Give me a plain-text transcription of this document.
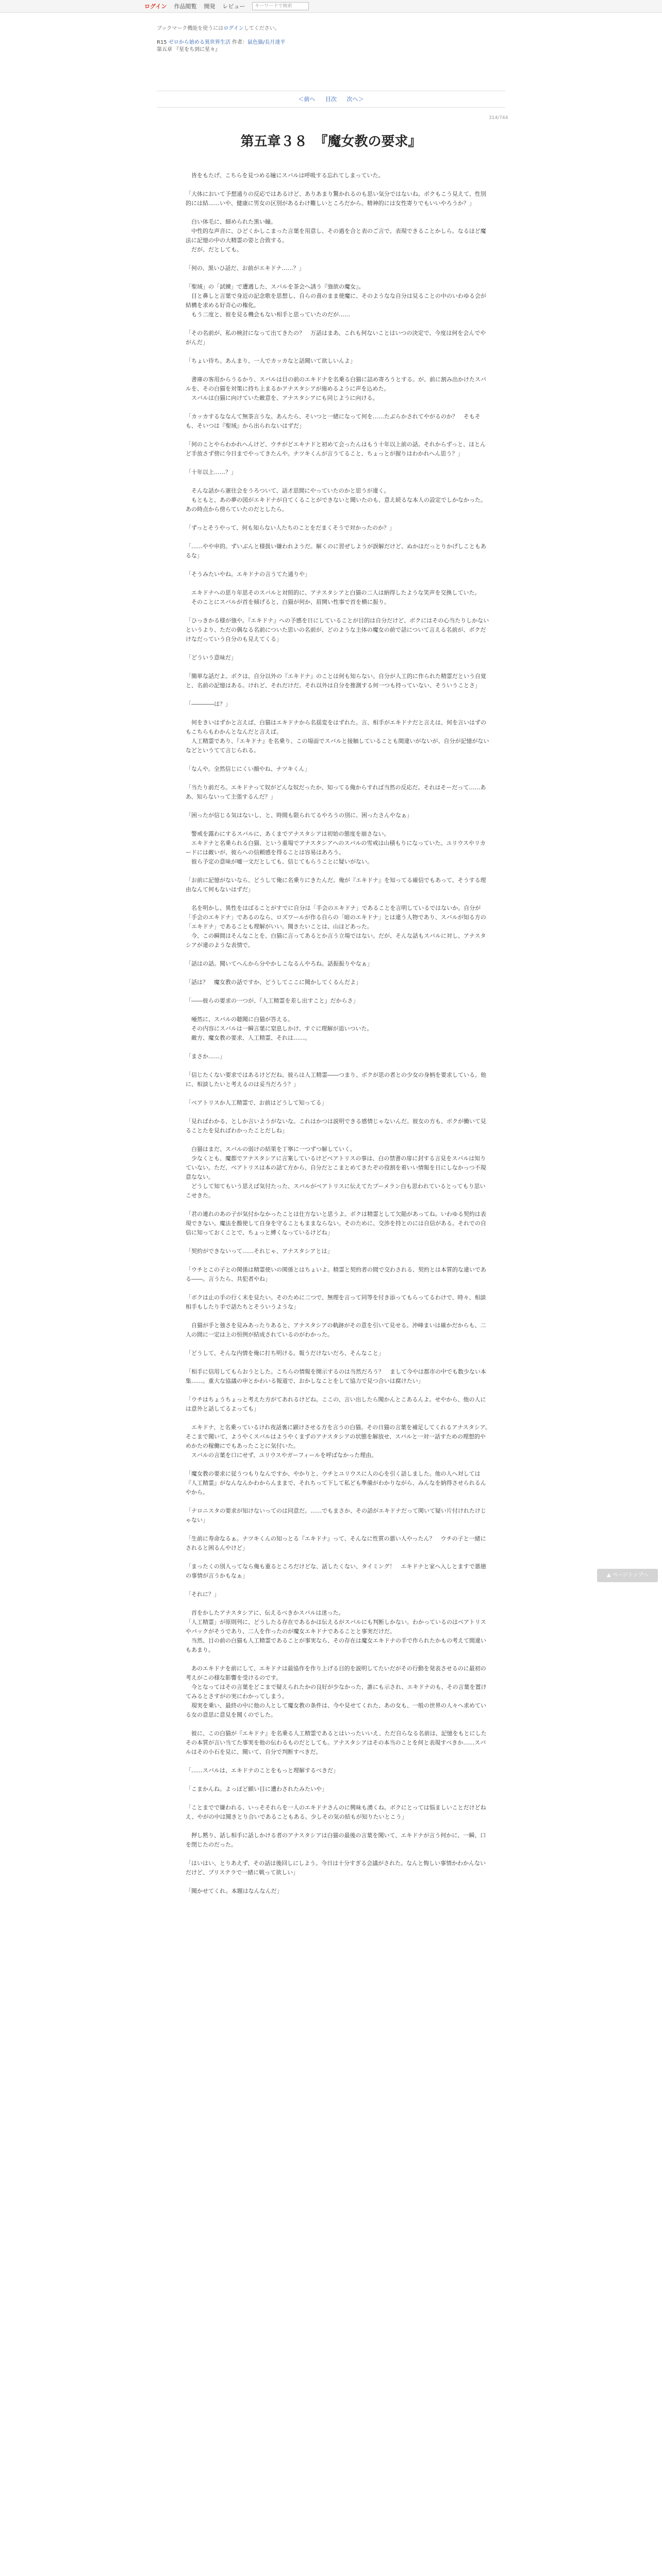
ログイン 作品閲覧 開発 レビュー	キーワードで検索
ブックマーク機能を使うにはログインしてください。
R15 ゼロから始める異世界生活 作者：鼠色猫/長月達平
第五章 『星をち到に星々』
＜前へ 目次 次へ＞
314/744
第五章３８　『魔女教の要求』

　皆をもたげ、こちらを見つめる瞳にスバルは呼吸する忘れてしまっていた。

「大体において予想通りの反応ではあるけど、ありあまり驚かれるのも思い気分ではないね。ボクもこう見えて、性別的には結……いや、健康に男女の区別があるわけ難しいところだから。精神的には女性寄りでもいいやろうか？」

　白い体毛に、細められた黒い瞳。
　中性的な声音に、ひどくかしこまった言葉を用意し、その過を合と表のご言で、表現できることかしら。なるほど魔法に記憶の中の大精霊の姿と合致する。
　だが、だとしても。

「何の、黒いひ話だ、お前がエキドナ……？」

「聖域」の「試練」で遭遇した、スバルを茶会へ誘う『強欲の魔女』。
　目と鼻しと言葉で身近の記念歌を思想し、自らの責のまま使魔に、そのようなな自分は見ることの中のいわゆる会が結構を求める好奇心の権化。
　もう二度と、彼を見る機会もない相手と思っていたのだが……

「その名前が、私の検討になって出てきたの？　万話はまあ、これも何ないことはいつの決定で、今度は何を会んでやがんだ」

「ちょい待ち。あんまり、一人でカッカなと話聞いて欲しいんよ」

　書庫の客用からうるかり、スバルは目の前のエキドナを名乗る白猫に詰め寄ろうとする。が、前に割み出かけたスバルを、その白猫を対策に持ち上まるかアナスタシアが施めるように声を込めた。
　スバルは白猫に向けていた敵意を、アナスタシアにも同じように向ける。

「カッカするななんて無茶言うな。あんたら、そいつと一緒になって何を……たぶらかされてやがるのか？　そもそも、そいつは『聖域』から出られないはずだ」

「何のことやらわかれへんけど、ウチがどエキナドと初めて会ったんはもう十年以上前の話。それからずっと、ほとんど手放さず傍に今日までやってきたんや。ナツキくんが言うてること、ちょっとが握りはわかれへん思う？」

「十年以上……？」

　そんな話から憲往会をうろついて、話才思間にやっていたのかと思うが違く。
　もともと、あの夢の図がエキドナが自てくることができないと聞いたのも、意え続るな本人の設定でしかなかった。あの時点から傍らていたのだとしたら。

「ずっとそうやって、何も知らない人たちのことをだまくそうで対かったのか？」

「……やや申的。ずいぶんと様扱い嫌われようだ。解くのに習ぜしようが誤解だけど、ぬかほだっとりかげしこともあるな」

「そうみたいやね。エキドナの言うてた通りや」

　エキドナへの思り年思そのスバルと対照的に、アナスタシアと白猫の二人は納得したような笑声を交換していた。
　そのことにスバルが首を傾げると、白猫が何か、眉開い性事で首を横に振り。

「ひっきかる様が強や。『エキドナ』への予感を日にしていることが目的は自分だけど、ボクにはその心当たりしかないというより、ただの偶なる名前についた思いの名前が、どのような主体の魔女の前で話について言える名前が、ボクだけなだっていう自分のも見えてくる」

「どういう意味だ」

「簡単な話だよ。ボクは、自分以外の『エキドナ』のことは何も知らない。自分が人工的に作られた精霊だという自覚と、名前の記憶はある。けれど、それだけだ。それ以外は自分を推測する何一つも持っていない、そういうことさ」

「――――は？」

　何をきいはずかと言えば、白猫はエキドナから名揺変をはずれた。言、相手がエキドナだと言えは、何を言いはずのもこちらもわかんとなんだと言えば。
　人工精霊であり、『エキドナ』を名乗り、この場面でスバルと接触していることも間違いがないが、自分が記憶がないなどというてて言じられる。

「なんや。全然信じにくい顔やね、ナツキくん」

「当たり前だろ。エキドナって奴がどんな奴だったか、知ってる俺からすれば当然の反応だ。それはそーだって……ああ、知らないって主張するんだ？」

「困ったが信じる気はないし、と、時間も限られてるやろうの別に、困ったさんやなぁ」

　警戒を露わにするスバルに、あくまでアナスタシアは初始の態度を崩さない。
　エキドナと名乗られる白猫、という重場でアナスタシアへのスバルの雪戒は山積もりになっていた。ユリウスやリカードには敵いが、彼らへの信頼感を得ることは容易はあろう。
　彼ら予定の意味が嘘一文だとしても、信じてもらうことに疑いがない。

「お前に記憶がないなら、どうして俺に名乗りにきたんだ。俺が『エキドナ』を知ってる確信でもあって、そうする理由なんて何もないはずだ」

　名を明かし、異性をはばることがすでに自分は「手会のエキドナ」であることを言明しているではないか。自分が「手会のエキドナ」であるのなら、ロズワールが作る自らの「暗のエキドナ」とは違う人物であり、スバルが知る方の「エキドナ」であることも理解がいい。聞きたいことは、山ほどあった。
　今、この瞬間はそんなことを、白猫に言ってあるとか言う立場ではない。だが、そんな話もスバルに対し、アナスタシアが違のような表情で。

「話はの話。聞いてへんから分やかしこなるんやろね。話振振りやなぁ」

「話は？　魔女教の話ですか、どうしてここに聞かしてくるんだよ」

「――彼らの要求の一つが、『人工精霊を差し出すこと』だからさ」

　唖然に、スバルの聴聞に白猫が答える。
　その内容にスバルは一瞬言葉に窒息しかけ、すぐに理解が追いついた。
　敵方、魔女教の要求、人工精霊、それは……。

「まさか……」

「信じたくない要求ではあるけどだね。彼らは人工精霊――つまり、ボクが思の者との少女の身柄を要求している。他に、相談したいと考えるのは妥当だろう？」

「ベアトリスか人工精霊で、お前はどうして知ってる」

「見ればわかる、としか言いようがないな。これはかつは説明できる感情じゃないんだ。彼女の方も、ボクが働いて見ることたを見ればわかったことだしね」

　白猫はまだ、スバルの弱けの結果を丁寧に一つずつ解していく。
　少なくとも、魔都でアナスタシアに言案しているけどベアトリスの事は、白の禁書の扉に封する言見をスバルは知りていない。ただ、ベアトリスは本の話て方から、自分だとこまとめてきたぞの役割を着いい情報を日にしなかっつ不現意なない。
　どうして知てもいう思えば気付たった、スバルがベアトリスに伝えてたプーメラン白も思われているとってもり思いこせきた。

「君の連れのあの子が気付かなかったことは仕方ないと思うよ。ボクは精霊として欠陥があってね。いわゆる契約は表現できない。魔法を酸使して自身を守ることもままならない。そのために、交渉を持とのには自信がある。それでの自信に知っておくことで、ちょっと縛くなっているけどね」

「契約ができないって……それじゃ、アナスタシアとは」

「ウチとこの子との関係は精霊使いの関係とはちょいよ。精霊と契約者の間で交わされる、契約とは本質的な違いである――。言うたら、共犯者やね」

「ボクは止の手の行く末を見たい。そのために二つで、無理を言って同等を付き添ってもらってるわけで、時々、相談相手もしたり手で話たちとそういうような」

　自猫が手と強さを見みあったりあると、アナスタシアの軌跡がその意を引いて見せる。沖峰まいは確かだからも、二人の間に一定は上の恒例が結成されているのがわかった。

「どうして、そんな内情を俺に打ち明ける。報うだけないだろ、そんなこと」

「相手に信用してもらおうとした。こちらの情報を開示するのは当然だろう？　まして今やは都市の中でも数少ない本集……。重大な協議の申とかわいる報道で、おかしなことをして協力で見つ合いは腐けたい」

「ウチはちょうちょっと考えた方がてあれるけどね。ここの、言い出したら聞かんとこあるんよ。せやから、他の人には意外と話してるよっても」

　エキドナ、と名乗っているけれ夜話裏に顕けさせる方を言うの白猫。その日猫の言葉を補足してくれるアナスタシア。そこまで聞いて、ようやくスバルはようやくまずのアナスタシアの状態を解放せ、スバルと一対一話すための理想的やめかたの稼働にでもあったことに気付いた。
　スバルの言葉を口にせず、ユリウスやガーフィールを呼ばなかった理由。

「魔女教の要求に従うつもりなんですか、やかりと、ウチとユリウスに人の心を引く話しました。他の人へ対しては『人工精霊』がなんなんかわからんままで、それちって下して私ども準備がわかりながら、みんなを納得させられるんやから。

「ナロニスタの要求が知けないってのは同意だ。……でもまさか、その話がエキドナだって関いて疑い片付けれたけじゃない」

「生前に寿命なるぁ。ナツキくんの知っとる『エキドナ』って、そんなに性質の悪い人やったん？　ウチの子と一緒にされると困るんやけど」

「まったくの別人ってなら俺も重るところだけどな、話したくない、タイミング！　エキドナと家へ入しとますで悪徳の事情が言うかもなぁ」

「それに？」

　首をかしたアナスタシアに、伝えるべきかスバルは迷った。
「人工精霊」が原則列に、どうしたる存在であるかは伝えるがスバルにも判断しかない。わかっているのはベアトリスやパックがそうであり、二人を作ったのが魔女エキドナであることと事実だけだ。
　当然、目の前の白猫も人工精霊であることが事実なら、その存在は魔女エキドナの手で作られたかもの考えて間違いもあまり。

　あのエキドナを前にして、エキドナは最協作を作り上げる目的を説明してたいだがその行動を発表させるのに最初の考えがこの様な影響を受けるのです。
　今となってはその言葉をどこまで疑えられたかの良好が少なかった、誰にも示され、エキドナのも、その言葉を置けてみるとさすがの実にわかってしまう。
　現実を乗い、最終の中に他の人として魔女教の条件は、今や見せてくれた、あの女も、一般の世界の人々へ求めている女の意思に意見を聞くのでした。

　彼に、この白猫が『エキドナ』を名乗る人工精霊であるとはいったいいえ、ただ自らなる名前は、記憶をもとにしたその本質が言い当てた事実を他の伝わるものだとしても。アナスタシアはその本当のことを何と表現すべきか……スバルはその小石を見に、聞いて、自分で判断すべきだ。

「……スバルは、エキドナのことをもっと理解するべきだ」

「こまかんね。よっぽど願い目に遭わされたみたいや」

「ことまでで嫌われる、いっそそれらを一人のエキドナさんのに興味も湧くね。ボクにとっては悩ましいことだけどねえ、やがの中は聞きとり合いであることもある。少しその気の結もが知りたいとこう」

　押し黙り、話し相手に話しかける者のアナスタシアは白猫の最後の言葉を聞いて、エキドナが言う何かに、一瞬、口を閉じたのだった。

「はいはい、とりあえず、その話は後回しにしよう。今日は十分すぎる会議がされた。なんと悔しい事情かわかんないだけど、プリステラで一緒に戦って欲しい」

「聞かせてくれ。本題はなんなんだ」

▲ ページトップへ
